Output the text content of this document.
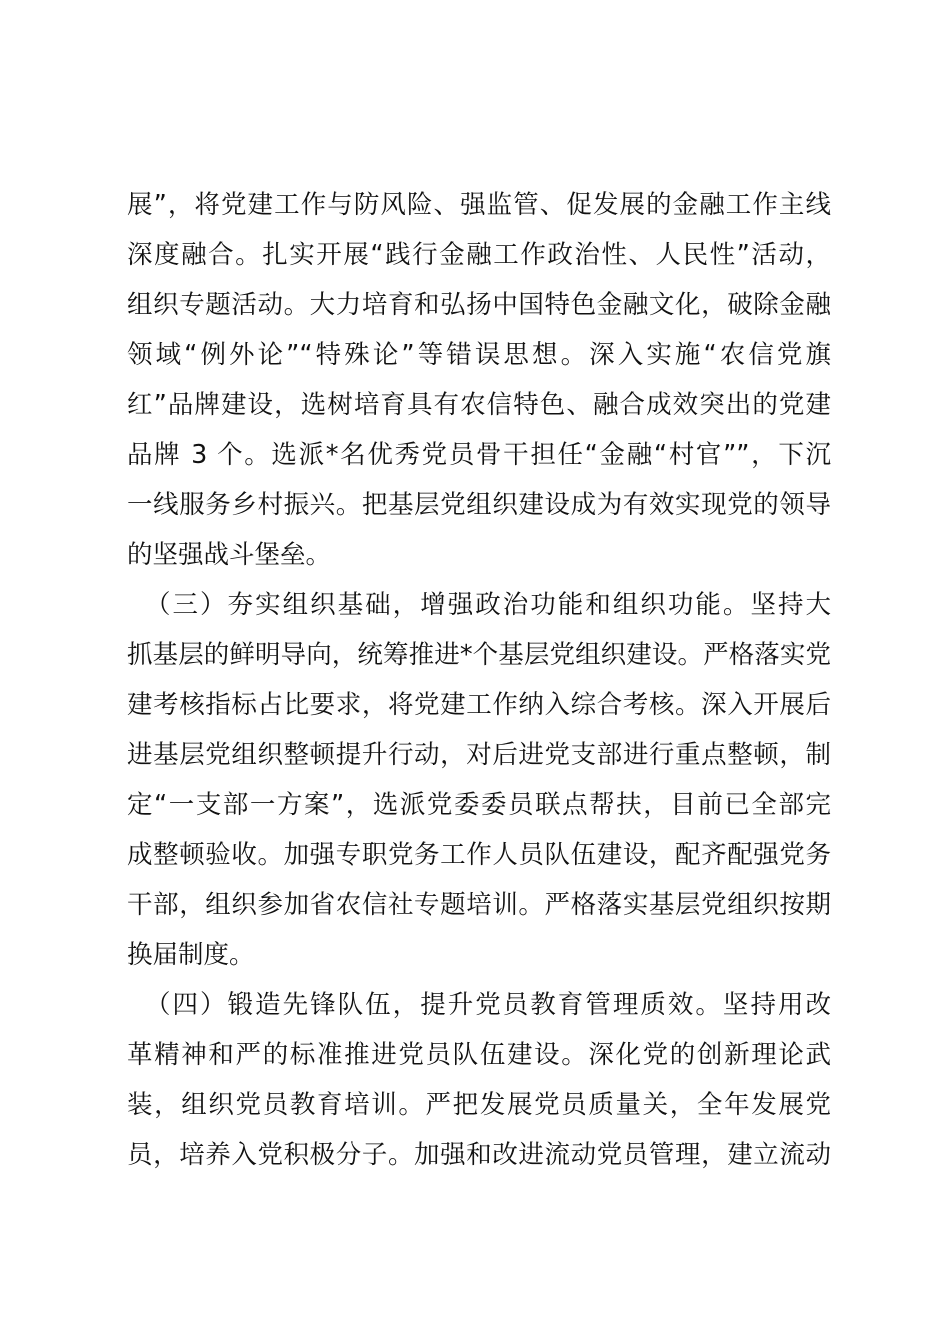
展”，将党建工作与防风险、强监管、促发展的金融工作主线
深度融合。扎实开展“践行金融工作政治性、人民性”活动，
组织专题活动。大力培育和弘扬中国特色金融文化，破除金融
领域“例外论”“特殊论”等错误思想。深入实施“农信党旗
红”品牌建设，选树培育具有农信特色、融合成效突出的党建
品牌 3 个。选派*名优秀党员骨干担任“金融“村官””，下沉
一线服务乡村振兴。把基层党组织建设成为有效实现党的领导
的坚强战斗堡垒。
（三）夯实组织基础，增强政治功能和组织功能。坚持大
抓基层的鲜明导向，统筹推进*个基层党组织建设。严格落实党
建考核指标占比要求，将党建工作纳入综合考核。深入开展后
进基层党组织整顿提升行动，对后进党支部进行重点整顿，制
定“一支部一方案”，选派党委委员联点帮扶，目前已全部完
成整顿验收。加强专职党务工作人员队伍建设，配齐配强党务
干部，组织参加省农信社专题培训。严格落实基层党组织按期
换届制度。
（四）锻造先锋队伍，提升党员教育管理质效。坚持用改
革精神和严的标准推进党员队伍建设。深化党的创新理论武
装，组织党员教育培训。严把发展党员质量关，全年发展党
员，培养入党积极分子。加强和改进流动党员管理，建立流动
